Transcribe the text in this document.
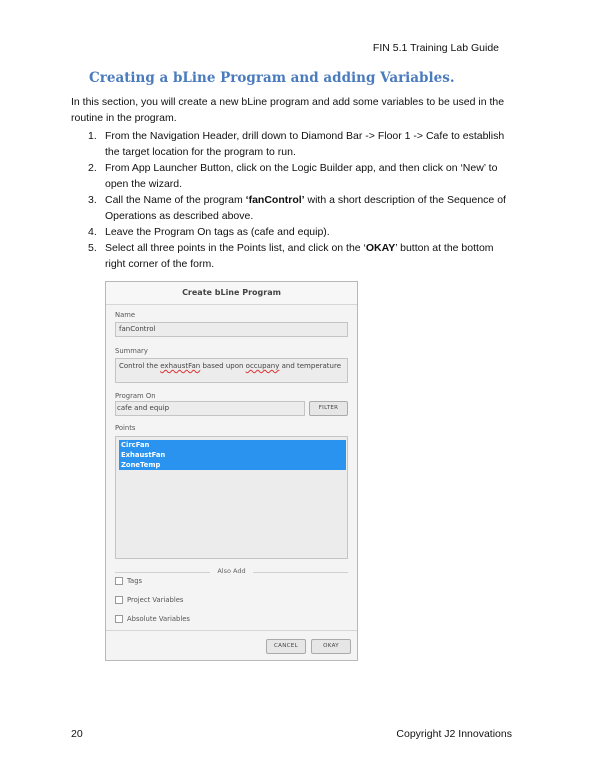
FIN 5.1 Training Lab Guide
Creating a bLine Program and adding Variables.
In this section, you will create a new bLine program and add some variables to be used in the routine in the program.
1. From the Navigation Header, drill down to Diamond Bar -> Floor 1 -> Cafe to establish the target location for the program to run.
2. From App Launcher Button, click on the Logic Builder app, and then click on ‘New’ to open the wizard.
3. Call the Name of the program ‘fanControl’ with a short description of the Sequence of Operations as described above.
4. Leave the Program On tags as (cafe and equip).
5. Select all three points in the Points list, and click on the ‘OKAY’ button at the bottom right corner of the form.
Create bLine Program
Name
fanControl
Summary
Control the exhaustFan based upon occupany and temperature
Program On
cafe and equip	FILTER
Points
CircFan
ExhaustFan
ZoneTemp
Also Add
Tags
Project Variables
Absolute Variables
CANCEL	OKAY
20	Copyright J2 Innovations
